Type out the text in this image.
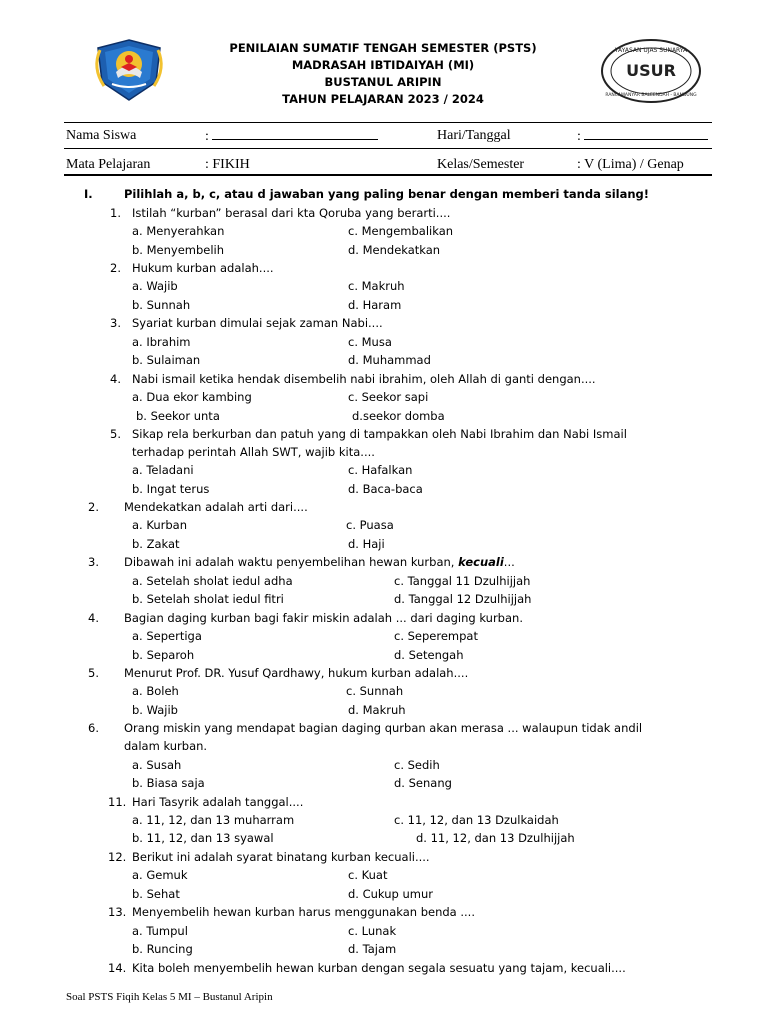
USUR
YAYASAN UJAS SUNARYA
RANCAMANYAR BALEENDAH - BANDUNG
PENILAIAN SUMATIF TENGAH SEMESTER (PSTS)
MADRASAH IBTIDAIYAH (MI)
BUSTANUL ARIPIN
TAHUN PELAJARAN 2023 / 2024
Nama Siswa	:	Hari/Tanggal	:
Mata Pelajaran	: FIKIH	Kelas/Semester	: V (Lima) / Genap
I.	Pilihlah a, b, c, atau d jawaban yang paling benar dengan memberi tanda silang!
1. Istilah “kurban” berasal dari kta Qoruba yang berarti....
a. Menyerahkan	c. Mengembalikan
b. Menyembelih	d. Mendekatkan
2. Hukum kurban adalah....
a. Wajib	c. Makruh
b. Sunnah	d. Haram
3. Syariat kurban dimulai sejak zaman Nabi....
a. Ibrahim	c. Musa
b. Sulaiman	d. Muhammad
4. Nabi ismail ketika hendak disembelih nabi ibrahim, oleh Allah di ganti dengan....
a. Dua ekor kambing	c. Seekor sapi
b. Seekor unta	d.seekor domba
5. Sikap rela berkurban dan patuh yang di tampakkan oleh Nabi Ibrahim dan Nabi Ismail
terhadap perintah Allah SWT, wajib kita....
a. Teladani	c. Hafalkan
b. Ingat terus	d. Baca-baca
2. Mendekatkan adalah arti dari....
a. Kurban	c. Puasa
b. Zakat	d. Haji
3. Dibawah ini adalah waktu penyembelihan hewan kurban, kecuali...
a. Setelah sholat iedul adha	c. Tanggal 11 Dzulhijjah
b. Setelah sholat iedul fitri	d. Tanggal 12 Dzulhijjah
4. Bagian daging kurban bagi fakir miskin adalah ... dari daging kurban.
a. Sepertiga	c. Seperempat
b. Separoh	d. Setengah
5. Menurut Prof. DR. Yusuf Qardhawy, hukum kurban adalah....
a. Boleh	c. Sunnah
b. Wajib	d. Makruh
6. Orang miskin yang mendapat bagian daging qurban akan merasa ... walaupun tidak andil
dalam kurban.
a. Susah	c. Sedih
b. Biasa saja	d. Senang
11. Hari Tasyrik adalah tanggal....
a. 11, 12, dan 13 muharram	c. 11, 12, dan 13 Dzulkaidah
b. 11, 12, dan 13 syawal	d. 11, 12, dan 13 Dzulhijjah
12. Berikut ini adalah syarat binatang kurban kecuali....
a. Gemuk	c. Kuat
b. Sehat	d. Cukup umur
13. Menyembelih hewan kurban harus menggunakan benda ....
a. Tumpul	c. Lunak
b. Runcing	d. Tajam
14. Kita boleh menyembelih hewan kurban dengan segala sesuatu yang tajam, kecuali....
Soal PSTS Fiqih Kelas 5 MI – Bustanul Aripin
